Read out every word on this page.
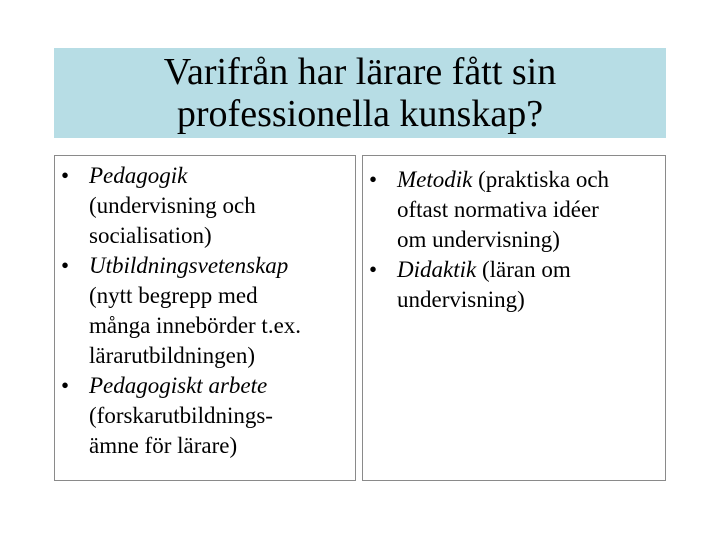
Varifrån har lärare fått sin
professionella kunskap?
• Pedagogik
(undervisning och
socialisation)
• Utbildningsvetenskap
(nytt begrepp med
många innebörder t.ex.
lärarutbildningen)
• Pedagogiskt arbete
(forskarutbildnings-
ämne för lärare)
• Metodik (praktiska och
oftast normativa idéer
om undervisning)
• Didaktik (läran om
undervisning)
